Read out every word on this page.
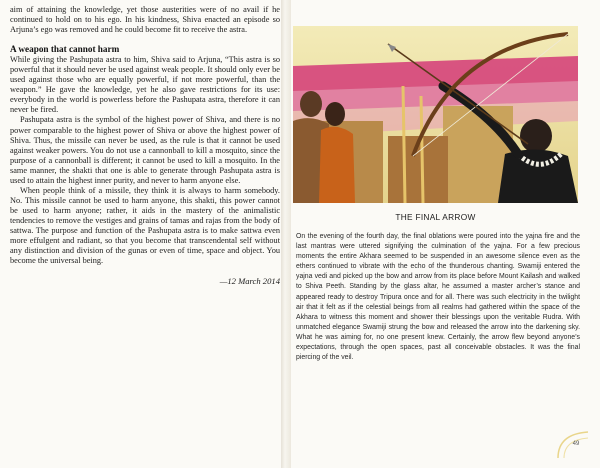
aim of attaining the knowledge, yet those austerities were of no avail if he continued to hold on to his ego. In his kindness, Shiva enacted an episode so Arjuna’s ego was removed and he could become fit to receive the astra.

A weapon that cannot harm

While giving the Pashupata astra to him, Shiva said to Arjuna, “This astra is so powerful that it should never be used against weak people. It should only ever be used against those who are equally powerful, if not more powerful, than the weapon.” He gave the knowledge, yet he also gave restrictions for its use: everybody in the world is powerless before the Pashupata astra, therefore it can never be fired.

Pashupata astra is the symbol of the highest power of Shiva, and there is no power comparable to the highest power of Shiva or above the highest power of Shiva. Thus, the missile can never be used, as the rule is that it cannot be used against weaker powers. You do not use a cannonball to kill a mosquito, since the purpose of a cannonball is different; it cannot be used to kill a mosquito. In the same manner, the shakti that one is able to generate through Pashupata astra is used to attain the highest inner purity, and never to harm anyone else.

When people think of a missile, they think it is always to harm somebody. No. This missile cannot be used to harm anyone, this shakti, this power cannot be used to harm anyone; rather, it aids in the mastery of the animalistic tendencies to remove the vestiges and grains of tamas and rajas from the body of sattwa. The purpose and function of the Pashupata astra is to make sattwa even more effulgent and radiant, so that you become that transcendental self without any distinction and division of the gunas or even of time, space and object. You become the universal being.

—12 March 2014

THE FINAL ARROW

On the evening of the fourth day, the final oblations were poured into the yajna fire and the last mantras were uttered signifying the culmination of the yajna. For a few precious moments the entire Akhara seemed to be suspended in an awesome silence even as the ethers continued to vibrate with the echo of the thunderous chanting. Swamiji entered the yajna vedi and picked up the bow and arrow from its place before Mount Kailash and walked to Shiva Peeth. Standing by the glass altar, he assumed a master archer’s stance and appeared ready to destroy Tripura once and for all. There was such electricity in the twilight air that it felt as if the celestial beings from all realms had gathered within the space of the Akhara to witness this moment and shower their blessings upon the veritable Rudra. With unmatched elegance Swamiji strung the bow and released the arrow into the darkening sky. What he was aiming for, no one present knew. Certainly, the arrow flew beyond anyone’s expectations, through the open spaces, past all conceivable obstacles. It was the final piercing of the veil.

49
